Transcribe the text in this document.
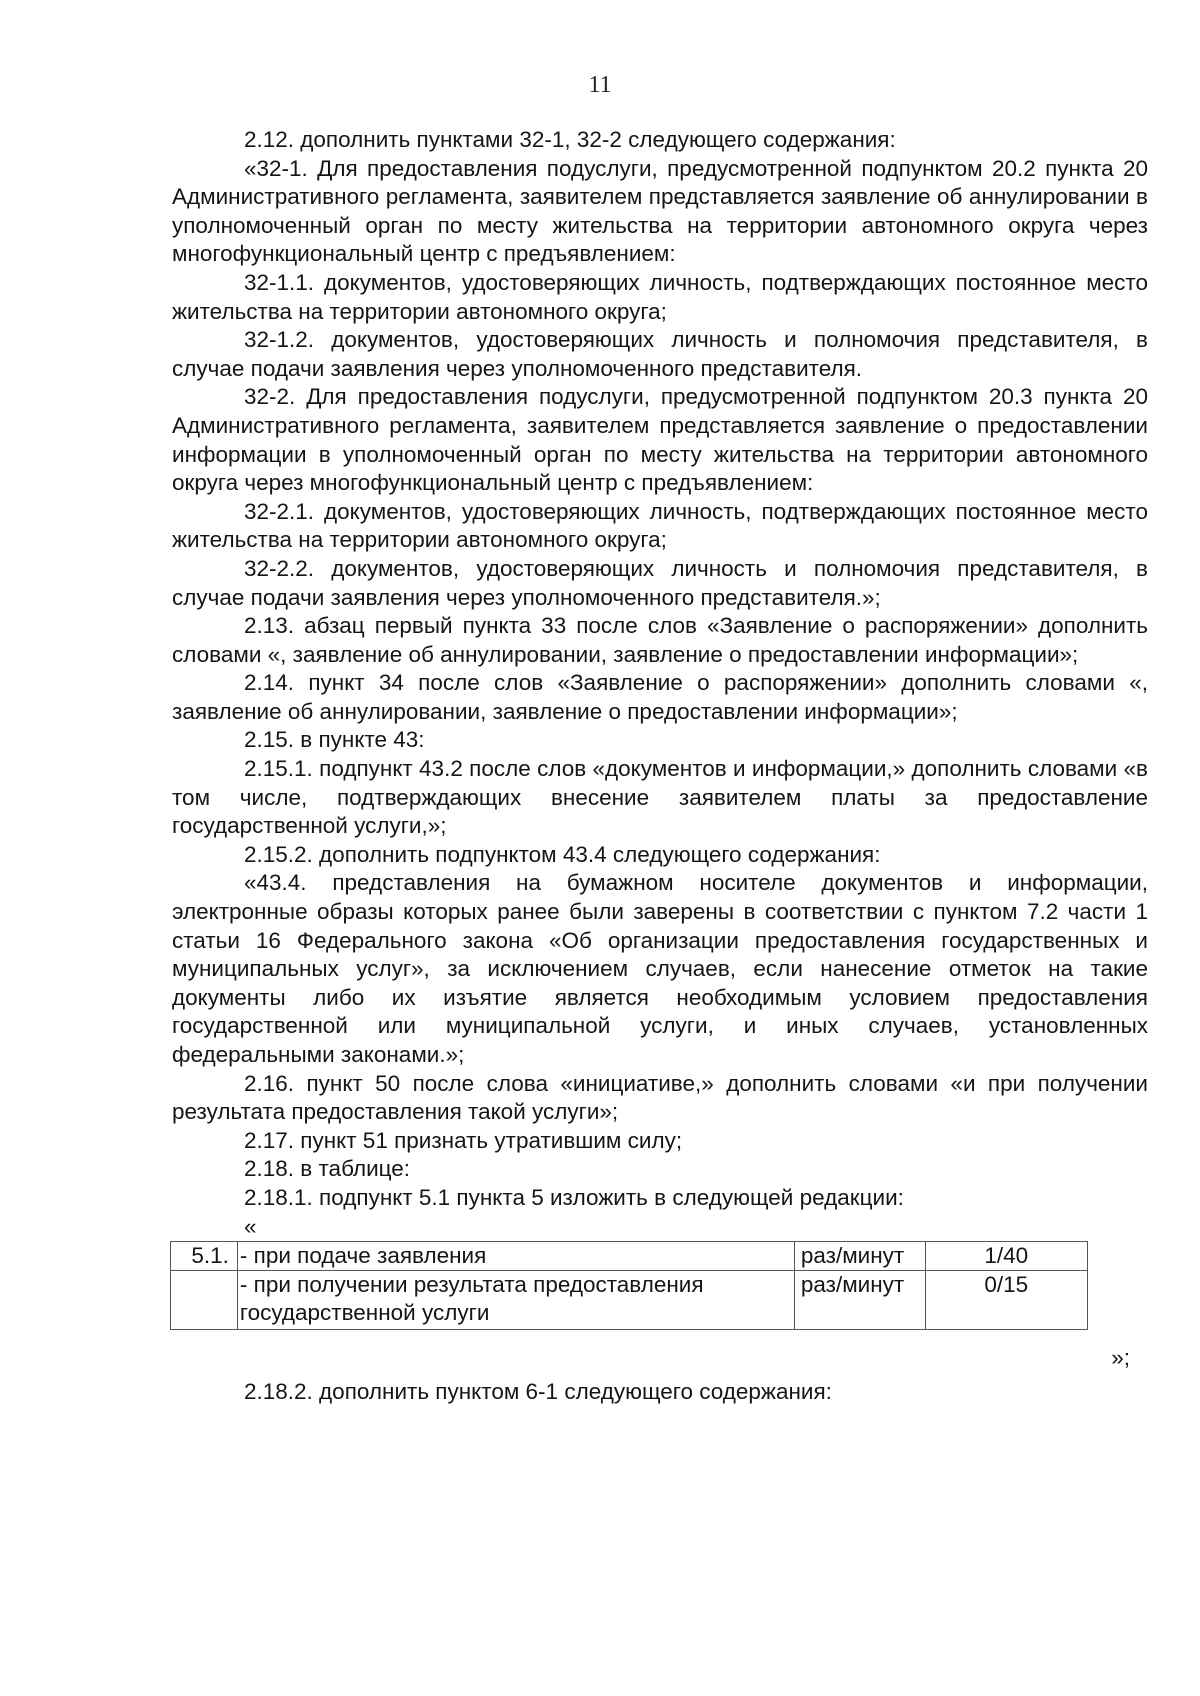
11

2.12. дополнить пунктами 32-1, 32-2 следующего содержания:

«32-1. Для предоставления подуслуги, предусмотренной подпунктом 20.2 пункта 20 Административного регламента, заявителем представляется заявление об аннулировании в уполномоченный орган по месту жительства на территории автономного округа через многофункциональный центр с предъявлением:

32-1.1. документов, удостоверяющих личность, подтверждающих постоянное место жительства на территории автономного округа;

32-1.2. документов, удостоверяющих личность и полномочия представителя, в случае подачи заявления через уполномоченного представителя.

32-2. Для предоставления подуслуги, предусмотренной подпунктом 20.3 пункта 20 Административного регламента, заявителем представляется заявление о предоставлении информации в уполномоченный орган по месту жительства на территории автономного округа через многофункциональный центр с предъявлением:

32-2.1. документов, удостоверяющих личность, подтверждающих постоянное место жительства на территории автономного округа;

32-2.2. документов, удостоверяющих личность и полномочия представителя, в случае подачи заявления через уполномоченного представителя.»;

2.13. абзац первый пункта 33 после слов «Заявление о распоряжении» дополнить словами «, заявление об аннулировании, заявление о предоставлении информации»;

2.14. пункт 34 после слов «Заявление о распоряжении» дополнить словами «, заявление об аннулировании, заявление о предоставлении информации»;

2.15. в пункте 43:

2.15.1. подпункт 43.2 после слов «документов и информации,» дополнить словами «в том числе, подтверждающих внесение заявителем платы за предоставление государственной услуги,»;

2.15.2. дополнить подпунктом 43.4 следующего содержания:

«43.4. представления на бумажном носителе документов и информации, электронные образы которых ранее были заверены в соответствии с пунктом 7.2 части 1 статьи 16 Федерального закона «Об организации предоставления государственных и муниципальных услуг», за исключением случаев, если нанесение отметок на такие документы либо их изъятие является необходимым условием предоставления государственной или муниципальной услуги, и иных случаев, установленных федеральными законами.»;

2.16. пункт 50 после слова «инициативе,» дополнить словами «и при получении результата предоставления такой услуги»;

2.17. пункт 51 признать утратившим силу;

2.18. в таблице:

2.18.1. подпункт 5.1 пункта 5 изложить в следующей редакции:

«
5.1.	- при подаче заявления	раз/минут	1/40
	- при получении результата предоставления государственной услуги	раз/минут	0/15
»;

2.18.2. дополнить пунктом 6-1 следующего содержания:
